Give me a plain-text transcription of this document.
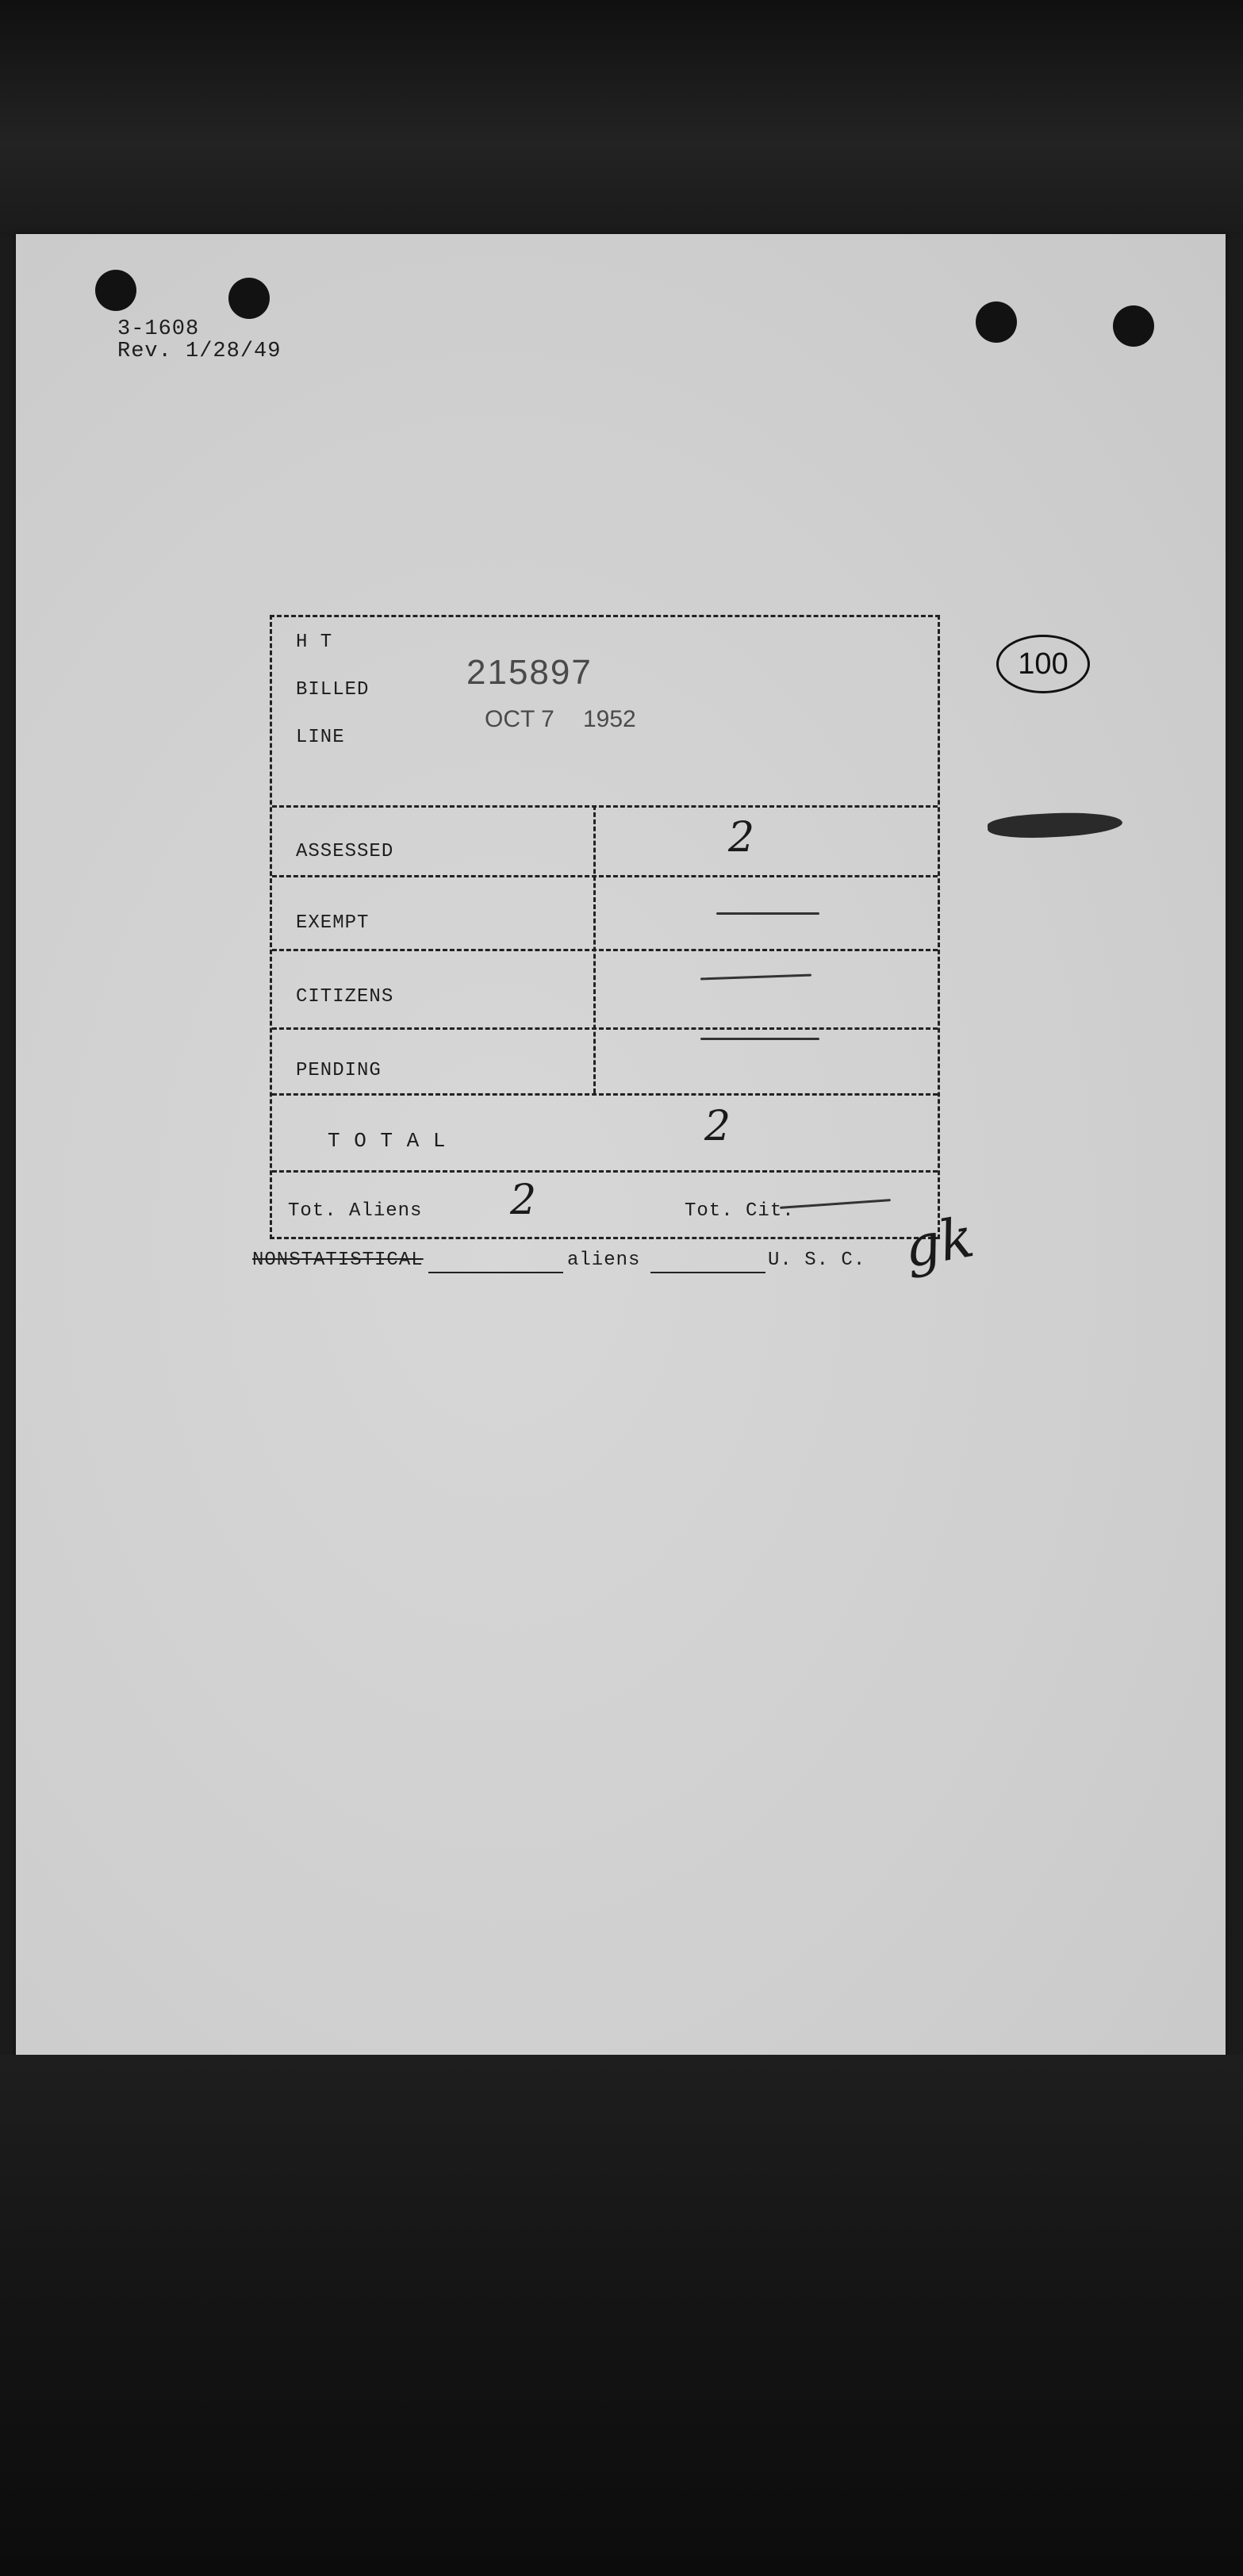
3-1608
Rev. 1/28/49
H T
BILLED
LINE
215897
OCT 7 1952
ASSESSED	2
EXEMPT
CITIZENS
PENDING
T O T A L	2
Tot. Aliens 2	Tot. Cit.
100
NONSTATISTICAL	aliens	U. S. C. gk
